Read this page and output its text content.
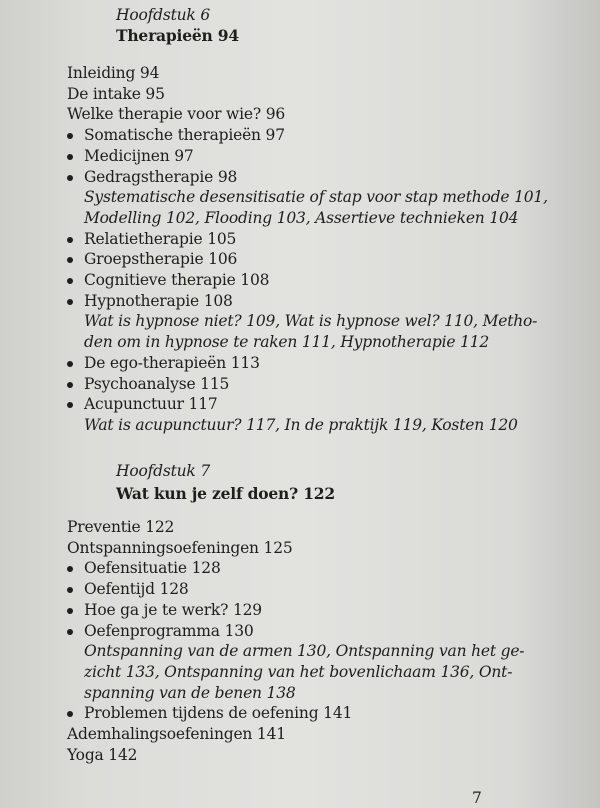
Hoofdstuk 6
Therapieën 94
Inleiding 94
De intake 95
Welke therapie voor wie? 96
Somatische therapieën 97
Medicijnen 97
Gedragstherapie 98
Systematische desensitisatie of stap voor stap methode 101,
Modelling 102, Flooding 103, Assertieve technieken 104
Relatietherapie 105
Groepstherapie 106
Cognitieve therapie 108
Hypnotherapie 108
Wat is hypnose niet? 109, Wat is hypnose wel? 110, Metho-
den om in hypnose te raken 111, Hypnotherapie 112
De ego-therapieën 113
Psychoanalyse 115
Acupunctuur 117
Wat is acupunctuur? 117, In de praktijk 119, Kosten 120
Hoofdstuk 7
Wat kun je zelf doen? 122
Preventie 122
Ontspanningsoefeningen 125
Oefensituatie 128
Oefentijd 128
Hoe ga je te werk? 129
Oefenprogramma 130
Ontspanning van de armen 130, Ontspanning van het ge-
zicht 133, Ontspanning van het bovenlichaam 136, Ont-
spanning van de benen 138
Problemen tijdens de oefening 141
Ademhalingsoefeningen 141
Yoga 142
7
